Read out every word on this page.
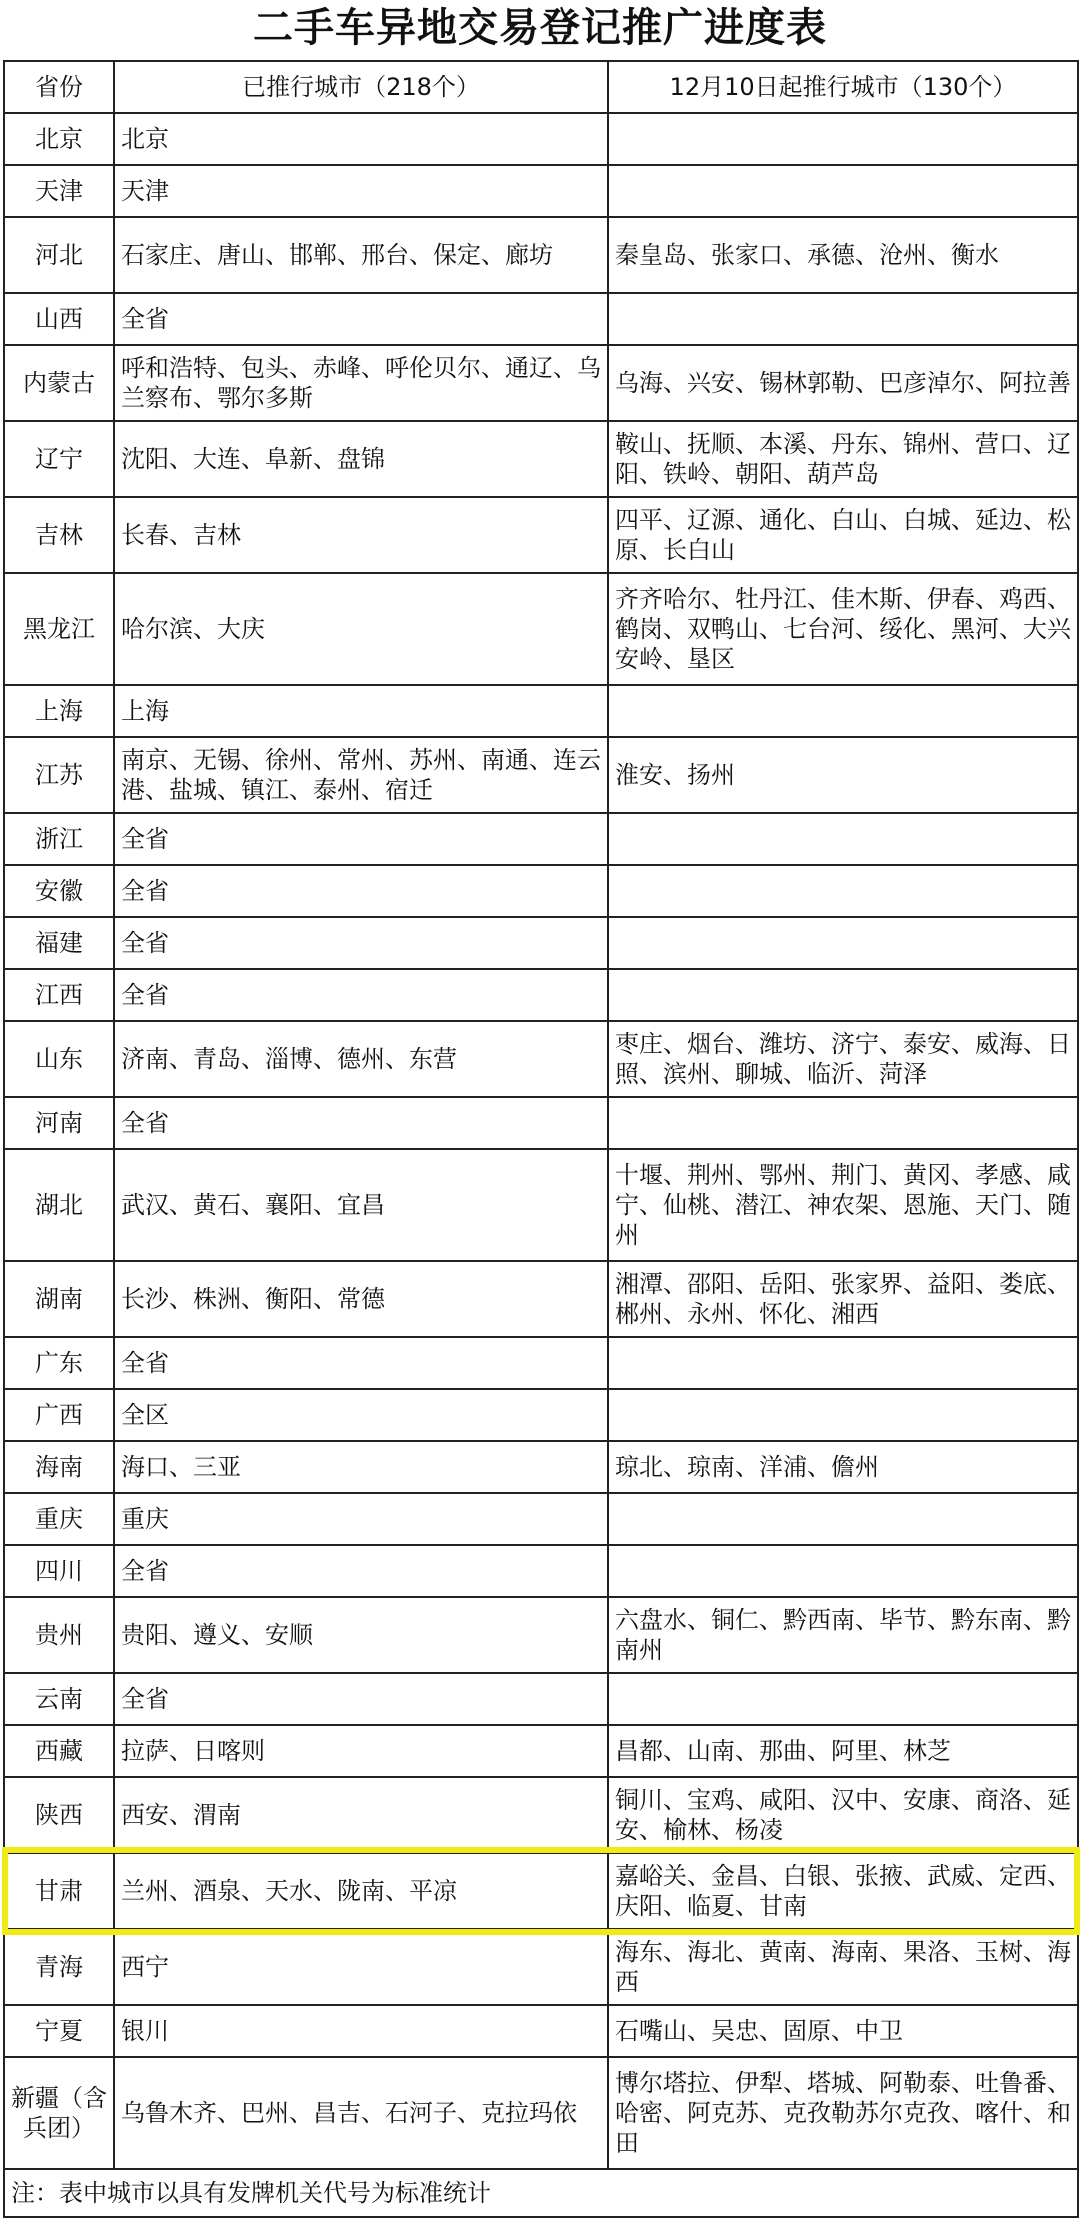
二手车异地交易登记推广进度表
省份	已推行城市（218个）	12月10日起推行城市（130个）
北京	北京	
天津	天津	
河北	石家庄、唐山、邯郸、邢台、保定、廊坊	秦皇岛、张家口、承德、沧州、衡水
山西	全省	
内蒙古	呼和浩特、包头、赤峰、呼伦贝尔、通辽、乌兰察布、鄂尔多斯	乌海、兴安、锡林郭勒、巴彦淖尔、阿拉善
辽宁	沈阳、大连、阜新、盘锦	鞍山、抚顺、本溪、丹东、锦州、营口、辽阳、铁岭、朝阳、葫芦岛
吉林	长春、吉林	四平、辽源、通化、白山、白城、延边、松原、长白山
黑龙江	哈尔滨、大庆	齐齐哈尔、牡丹江、佳木斯、伊春、鸡西、鹤岗、双鸭山、七台河、绥化、黑河、大兴安岭、垦区
上海	上海	
江苏	南京、无锡、徐州、常州、苏州、南通、连云港、盐城、镇江、泰州、宿迁	淮安、扬州
浙江	全省	
安徽	全省	
福建	全省	
江西	全省	
山东	济南、青岛、淄博、德州、东营	枣庄、烟台、潍坊、济宁、泰安、威海、日照、滨州、聊城、临沂、菏泽
河南	全省	
湖北	武汉、黄石、襄阳、宜昌	十堰、荆州、鄂州、荆门、黄冈、孝感、咸宁、仙桃、潜江、神农架、恩施、天门、随州
湖南	长沙、株洲、衡阳、常德	湘潭、邵阳、岳阳、张家界、益阳、娄底、郴州、永州、怀化、湘西
广东	全省	
广西	全区	
海南	海口、三亚	琼北、琼南、洋浦、儋州
重庆	重庆	
四川	全省	
贵州	贵阳、遵义、安顺	六盘水、铜仁、黔西南、毕节、黔东南、黔南州
云南	全省	
西藏	拉萨、日喀则	昌都、山南、那曲、阿里、林芝
陕西	西安、渭南	铜川、宝鸡、咸阳、汉中、安康、商洛、延安、榆林、杨凌
甘肃	兰州、酒泉、天水、陇南、平凉	嘉峪关、金昌、白银、张掖、武威、定西、庆阳、临夏、甘南
青海	西宁	海东、海北、黄南、海南、果洛、玉树、海西
宁夏	银川	石嘴山、吴忠、固原、中卫
新疆（含兵团）	乌鲁木齐、巴州、昌吉、石河子、克拉玛依	博尔塔拉、伊犁、塔城、阿勒泰、吐鲁番、哈密、阿克苏、克孜勒苏尔克孜、喀什、和田
注：表中城市以具有发牌机关代号为标准统计		
